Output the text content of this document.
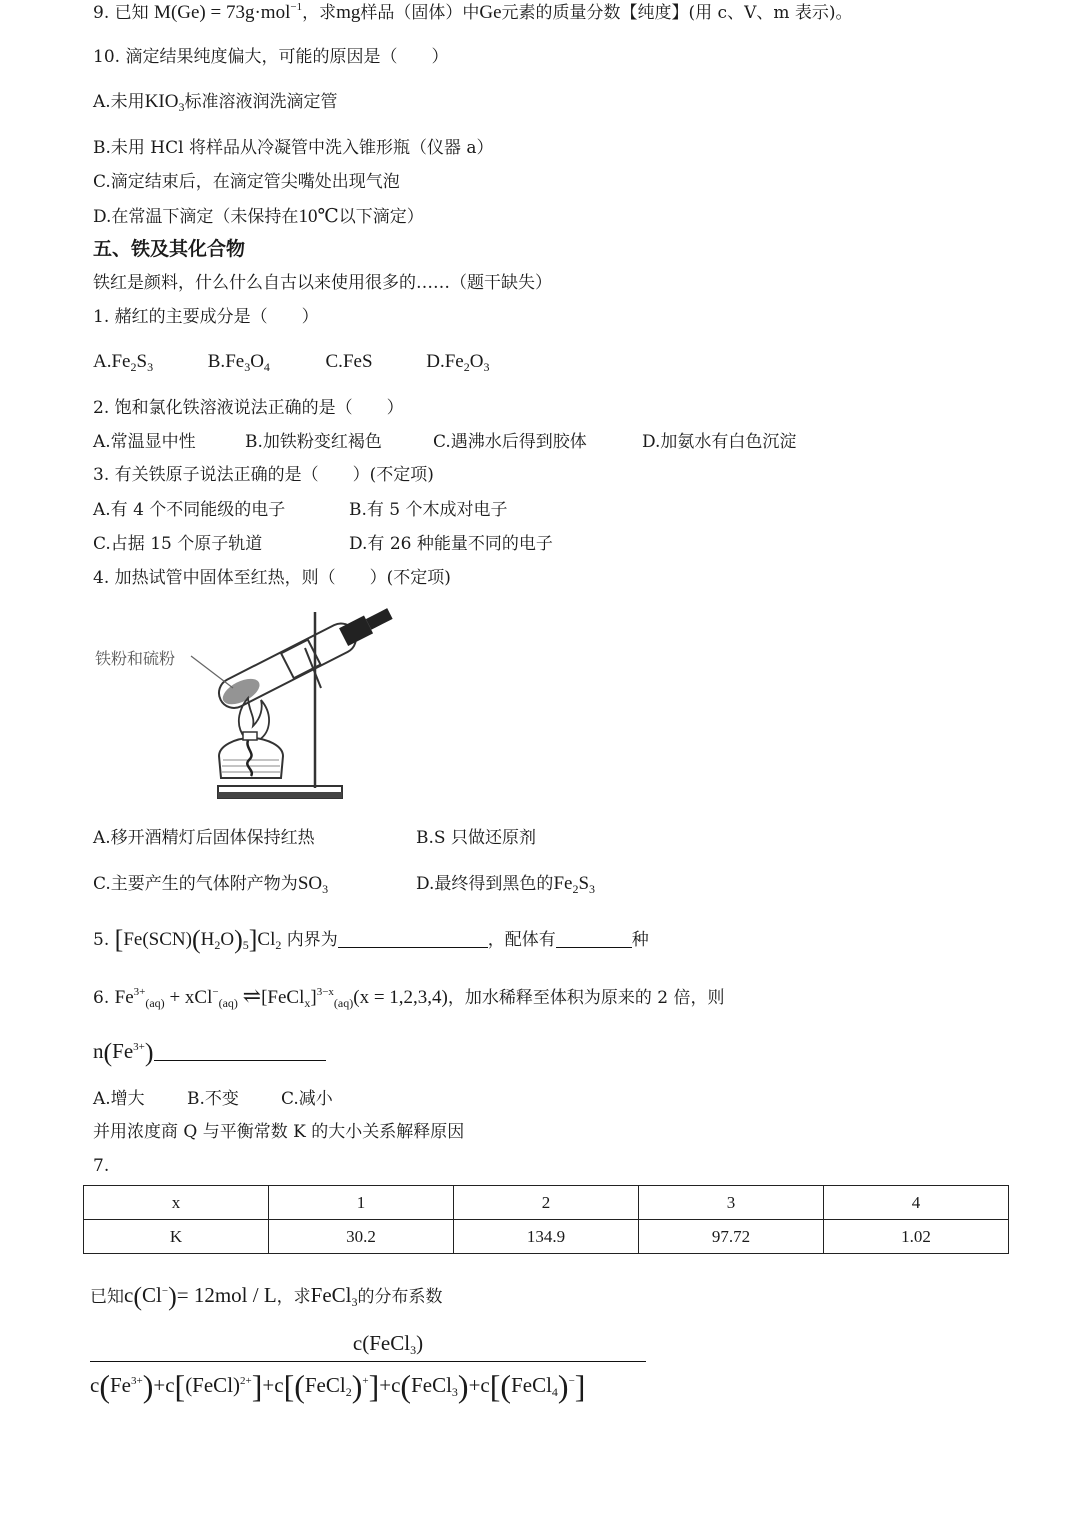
9. 已知 M(Ge) = 73g·mol$^{-1}$，求mg样品（固体）中Ge元素的质量分数【纯度】(用 c、V、m 表示)。
10. 滴定结果纯度偏大，可能的原因是（　　）
A.未用$KIO_3$标准溶液润洗滴定管
B.未用 HCl 将样品从冷凝管中洗入锥形瓶（仪器 a）
C.滴定结束后，在滴定管尖嘴处出现气泡
D.在常温下滴定（未保持在10℃以下滴定）
五、铁及其化合物
铁红是颜料，什么什么自古以来使用很多的……（题干缺失）
1. 赭红的主要成分是（　　）
$A.Fe_2S_3$	$B.Fe_3O_4$	C.FeS	$D.Fe_2O_3$
2. 饱和氯化铁溶液说法正确的是（　　）
A.常温显中性	B.加铁粉变红褐色	C.遇沸水后得到胶体	D.加氨水有白色沉淀
3. 有关铁原子说法正确的是（　　）(不定项)
A.有 4 个不同能级的电子	B.有 5 个木成对电子
C.占据 15 个原子轨道	D.有 26 种能量不同的电子
4. 加热试管中固体至红热，则（　　）(不定项)
铁粉和硫粉
A.移开酒精灯后固体保持红热	B.S 只做还原剂
C.主要产生的气体附产物为$SO_3$	D.最终得到黑色的$Fe_2S_3$
5. $[Fe(SCN)(H_2O)_5]Cl_2$ 内界为	，配体有	种
6. $Fe^{3+}_{(aq)} + xCl^-_{(aq)}$ ⇌[FeCl$_x$]$^{3-x}_{(aq)}$(x = 1,2,3,4)，加水稀释至体积为原来的 2 倍，则
$n(Fe^{3+})$
A.增大 B.不变 C.减小
并用浓度商 Q 与平衡常数 K 的大小关系解释原因
7.
x	1	2	3	4
K	30.2	134.9	97.72	1.02
已知c(Cl−)= 12mol / L，求FeCl$_3$的分布系数
c(FeCl$_3$)
$c(Fe^{3+})+c[(FeCl)^{2+}]+c[(FeCl_2)^+]+c(FeCl_3)+c[(FeCl_4)^-]$
